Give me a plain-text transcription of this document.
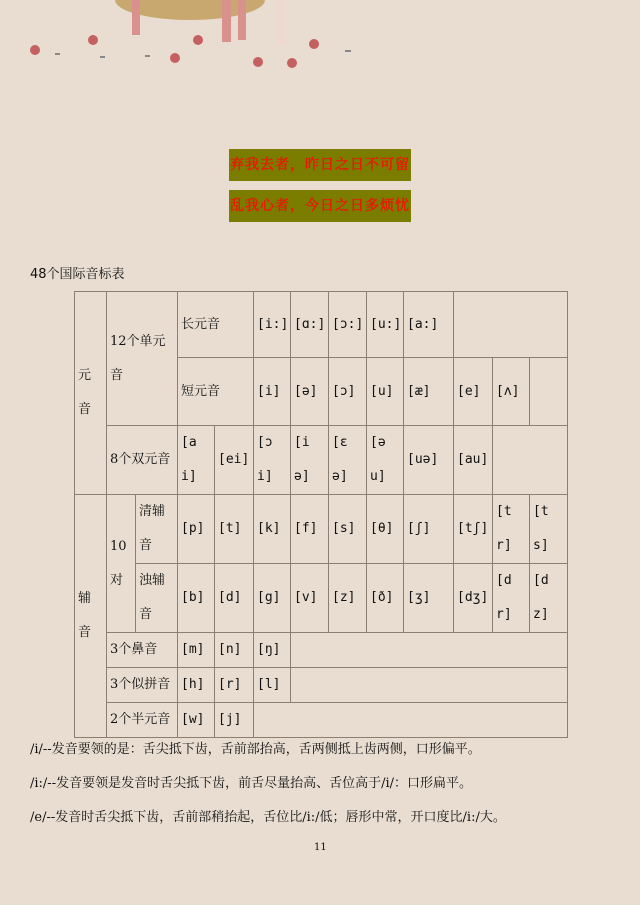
弃我去者，昨日之日不可留
乱我心者，今日之日多烦忧
48个国际音标表
元音	12个单元音		长元音		[i:]	[ɑ:]	[ɔ:]	[u:]	[a:]			
			短元音		[i]	[ə]	[ɔ]	[u]	[æ]	[e]	[ʌ]	
	8个双元音		[ai]	[ei]	[ɔi]	[iə]	[ɛə]	[əu]	[uə]	[au]		
辅音	10对	清辅音	[p]	[t]	[k]	[f]	[s]	[θ]	[ʃ]	[tʃ]	[tr]	[ts]
		浊辅音	[b]	[d]	[g]	[v]	[z]	[ð]	[ʒ]	[dʒ]	[dr]	[dz]
	3个鼻音		[m]	[n]	[ŋ]							
	3个似拼音		[h]	[r]	[l]							
	2个半元音		[w]	[j]								
/i/--发音要领的是：舌尖抵下齿，舌前部抬高，舌两侧抵上齿两侧，口形偏平。
/i:/--发音要领是发音时舌尖抵下齿，前舌尽量抬高、舌位高于/i/：口形扁平。
/e/--发音时舌尖抵下齿，舌前部稍抬起，舌位比/i:/低；唇形中常，开口度比/i:/大。
11
